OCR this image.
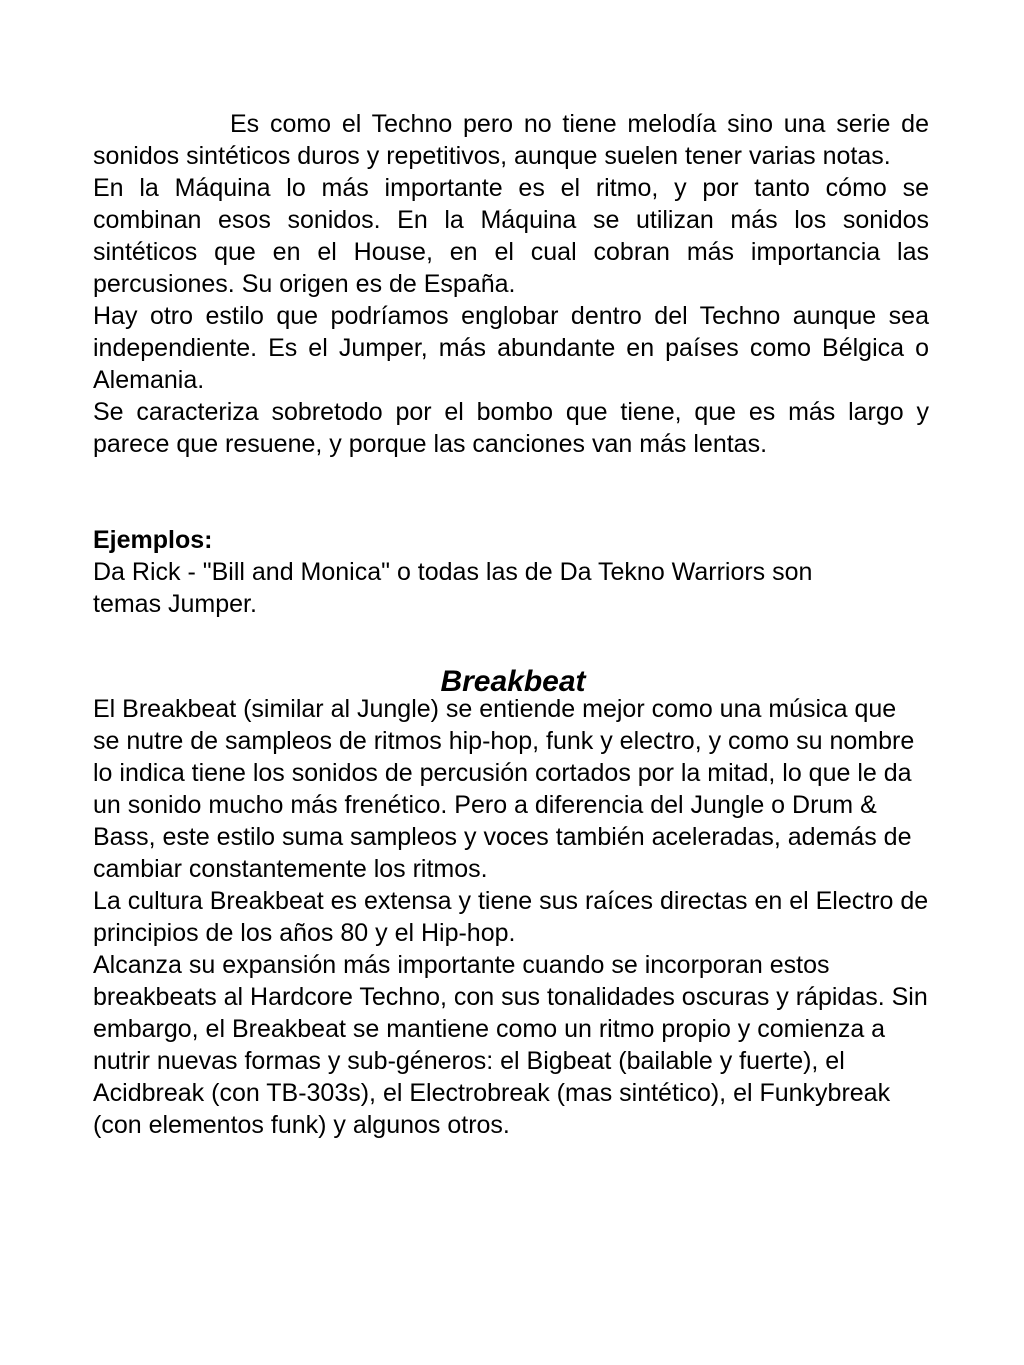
Es como el Techno pero no tiene melodía sino una serie de sonidos sintéticos duros y repetitivos, aunque suelen tener varias notas.

En la Máquina lo más importante es el ritmo, y por tanto cómo se combinan esos sonidos. En la Máquina se utilizan más los sonidos sintéticos que en el House, en el cual cobran más importancia las percusiones. Su origen es de España.

Hay otro estilo que podríamos englobar dentro del Techno aunque sea independiente. Es el Jumper, más abundante en países como Bélgica o Alemania.

Se caracteriza sobretodo por el bombo que tiene, que es más largo y parece que resuene, y porque las canciones van más lentas.

Ejemplos:

Da Rick - "Bill and Monica" o todas las de Da Tekno Warriors son temas Jumper.

Breakbeat

El Breakbeat (similar al Jungle) se entiende mejor como una música que se nutre de sampleos de ritmos hip-hop, funk y electro, y como su nombre lo indica tiene los sonidos de percusión cortados por la mitad, lo que le da un sonido mucho más frenético. Pero a diferencia del Jungle o Drum & Bass, este estilo suma sampleos y voces también aceleradas, además de cambiar constantemente los ritmos.

La cultura Breakbeat es extensa y tiene sus raíces directas en el Electro de principios de los años 80 y el Hip-hop.

Alcanza su expansión más importante cuando se incorporan estos breakbeats al Hardcore Techno, con sus tonalidades oscuras y rápidas. Sin embargo, el Breakbeat se mantiene como un ritmo propio y comienza a nutrir nuevas formas y sub-géneros: el Bigbeat (bailable y fuerte), el Acidbreak (con TB-303s), el Electrobreak (mas sintético), el Funkybreak (con elementos funk) y algunos otros.
